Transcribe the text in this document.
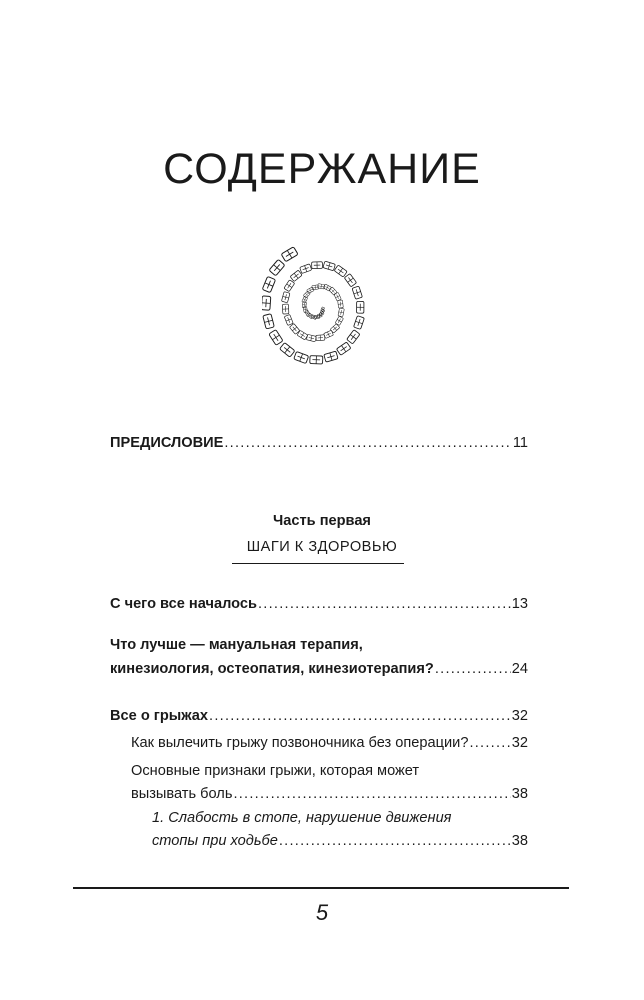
СОДЕРЖАНИЕ
ПРЕДИСЛОВИЕ . . .	11
Часть первая
ШАГИ К ЗДОРОВЬЮ
С чего все началось . . .	13
Что лучше — мануальная терапия,
кинезиология, остеопатия, кинезиотерапия? . . .	24
Все о грыжах . . .	32
Как вылечить грыжу позвоночника без операции? . . .	32
Основные признаки грыжи, которая может
вызывать боль . . .	38
1. Слабость в стопе, нарушение движения
стопы при ходьбе . . .	38
5
